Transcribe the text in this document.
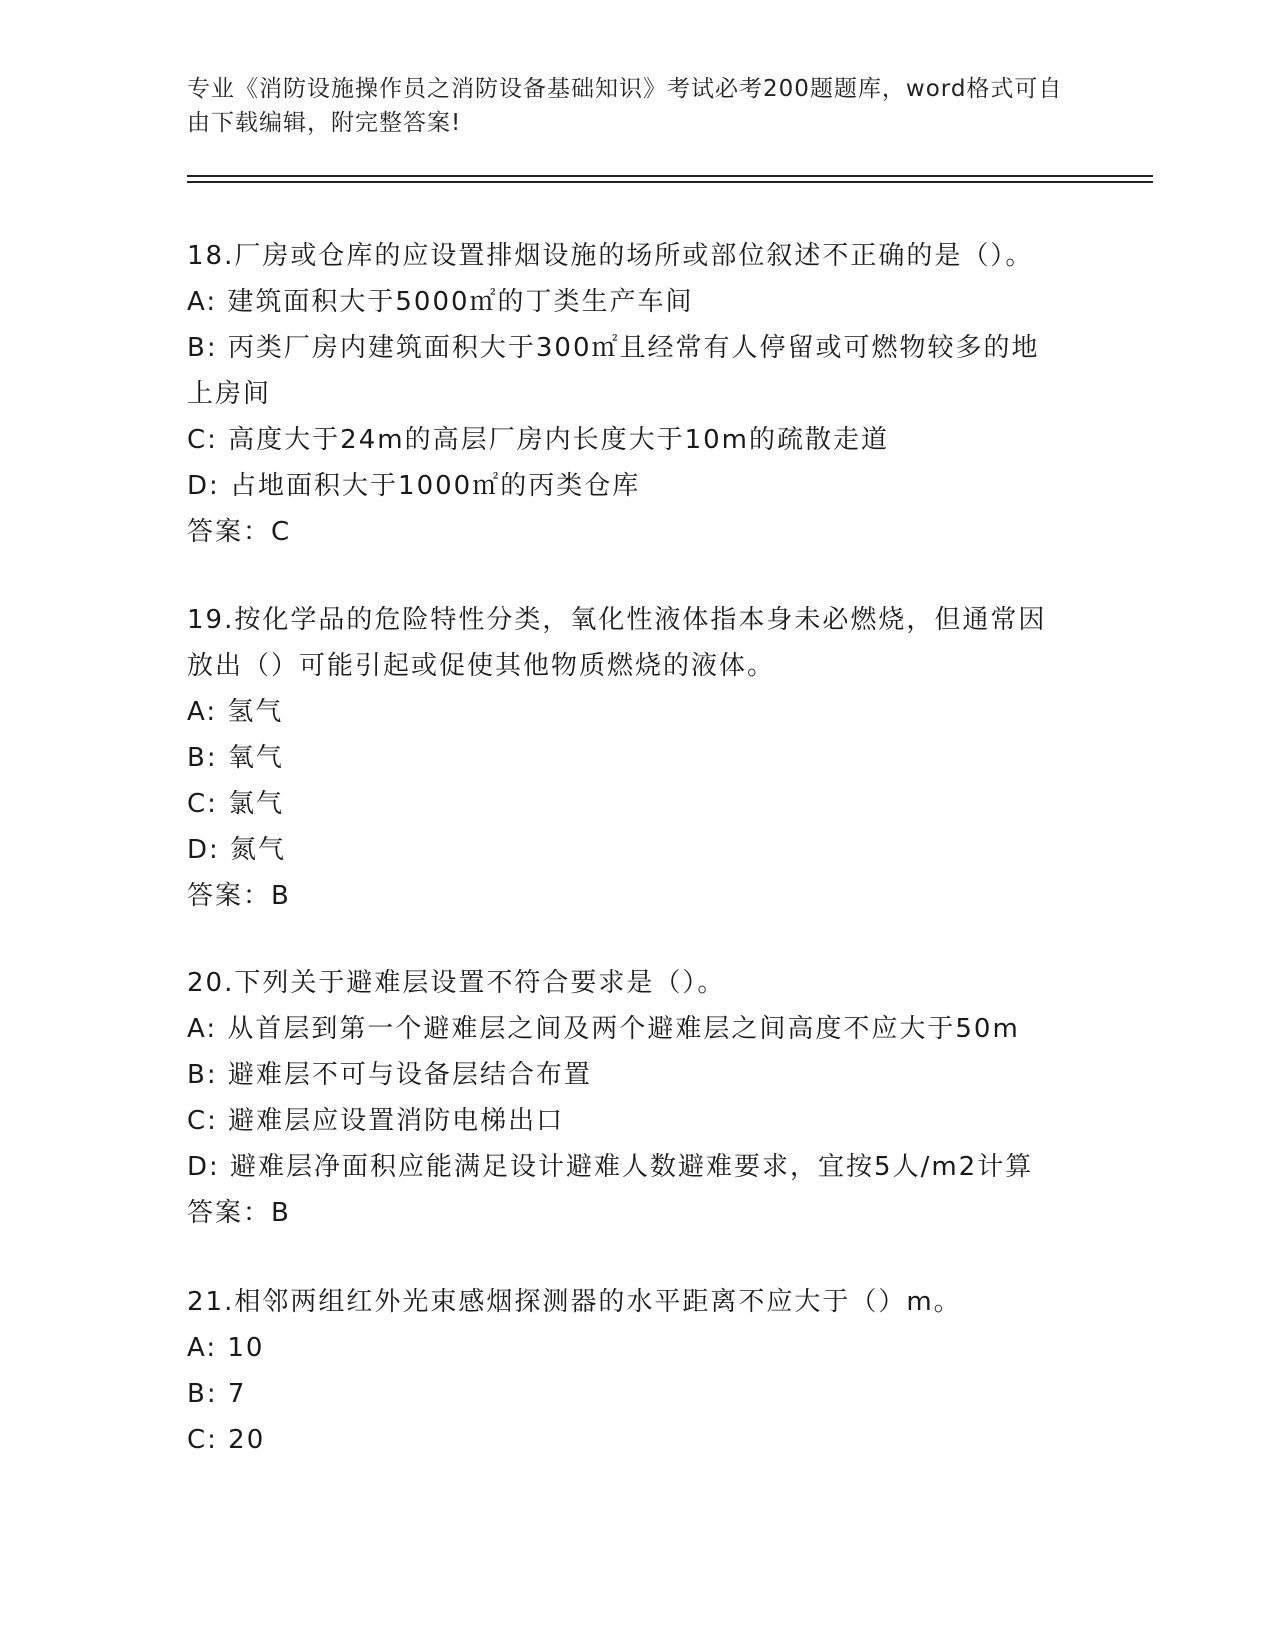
专业《消防设施操作员之消防设备基础知识》考试必考200题题库，word格式可自由下载编辑，附完整答案!
18.厂房或仓库的应设置排烟设施的场所或部位叙述不正确的是（）。
A: 建筑面积大于5000㎡的丁类生产车间
B: 丙类厂房内建筑面积大于300㎡且经常有人停留或可燃物较多的地上房间
C: 高度大于24m的高层厂房内长度大于10m的疏散走道
D: 占地面积大于1000㎡的丙类仓库
答案：C
19.按化学品的危险特性分类，氧化性液体指本身未必燃烧，但通常因放出（）可能引起或促使其他物质燃烧的液体。
A: 氢气
B: 氧气
C: 氯气
D: 氮气
答案：B
20.下列关于避难层设置不符合要求是（）。
A: 从首层到第一个避难层之间及两个避难层之间高度不应大于50m
B: 避难层不可与设备层结合布置
C: 避难层应设置消防电梯出口
D: 避难层净面积应能满足设计避难人数避难要求，宜按5人/m2计算
答案：B
21.相邻两组红外光束感烟探测器的水平距离不应大于（）m。
A: 10
B: 7
C: 20
